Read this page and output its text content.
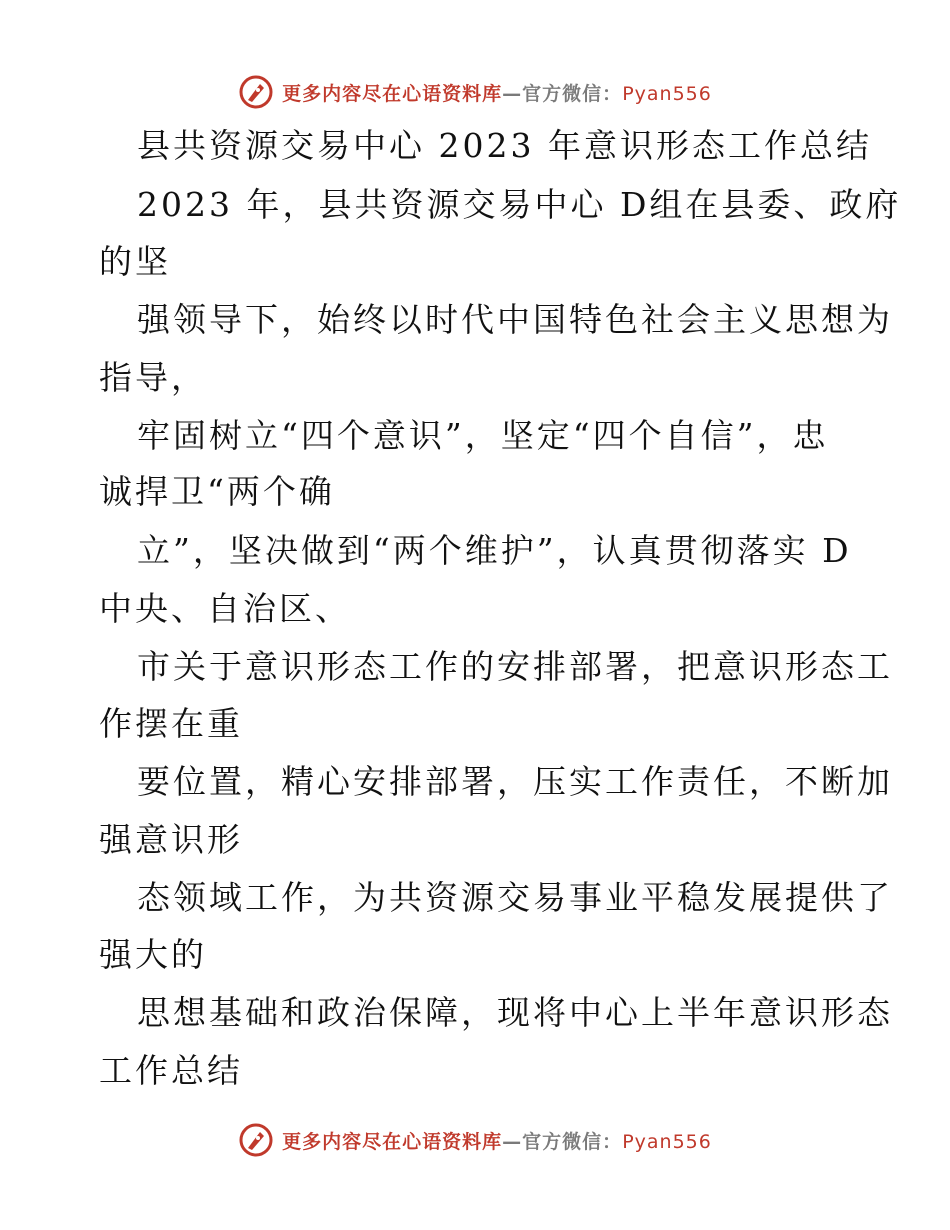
更多内容尽在心语资料库—官方微信：Pyan556
县共资源交易中心 2023 年意识形态工作总结
2023 年，县共资源交易中心 D组在县委、政府
的坚
强领导下，始终以时代中国特色社会主义思想为
指导，
牢固树立“四个意识”，坚定“四个自信”，忠
诚捍卫“两个确
立”，坚决做到“两个维护”，认真贯彻落实 D
中央、自治区、
市关于意识形态工作的安排部署，把意识形态工
作摆在重
要位置，精心安排部署，压实工作责任，不断加
强意识形
态领域工作，为共资源交易事业平稳发展提供了
强大的
思想基础和政治保障，现将中心上半年意识形态
工作总结
更多内容尽在心语资料库—官方微信：Pyan556
